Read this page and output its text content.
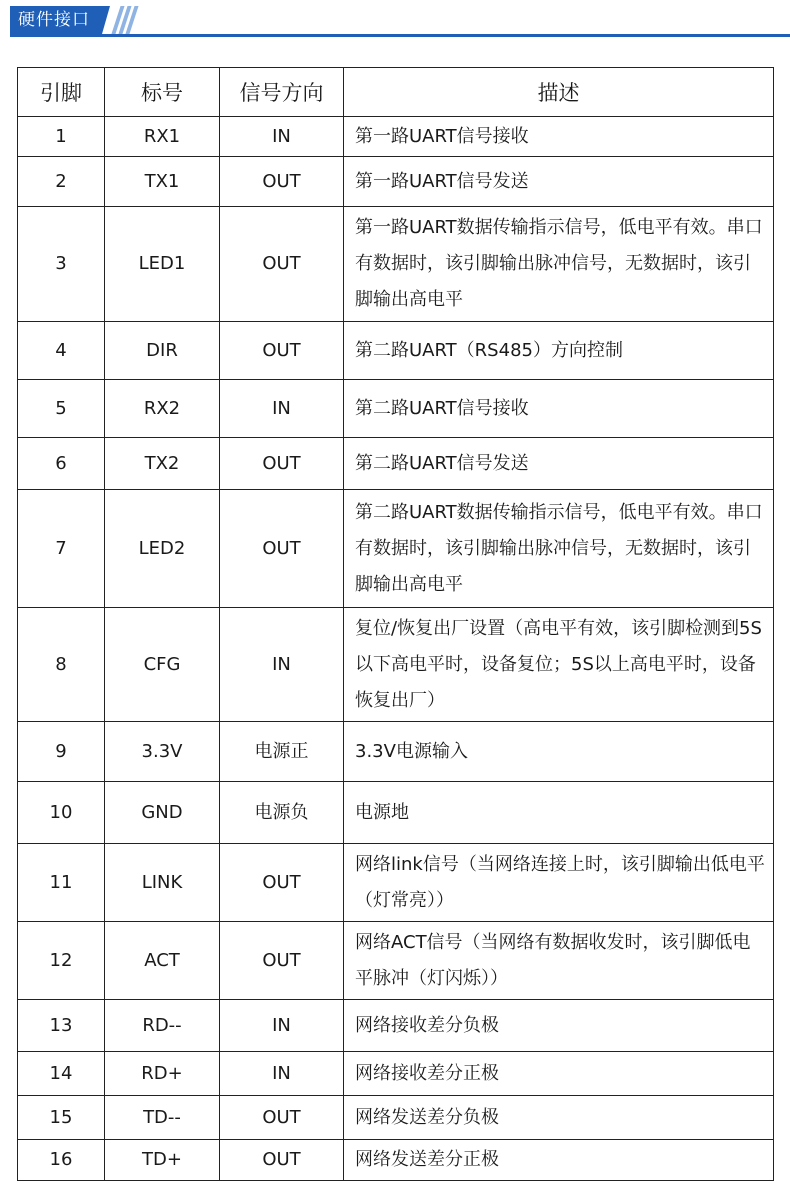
硬件接口
引脚	标号	信号方向	描述
1	RX1	IN	第一路UART信号接收
2	TX1	OUT	第一路UART信号发送
3	LED1	OUT	第一路UART数据传输指示信号，低电平有效。串口有数据时，该引脚输出脉冲信号，无数据时，该引脚输出高电平
4	DIR	OUT	第二路UART（RS485）方向控制
5	RX2	IN	第二路UART信号接收
6	TX2	OUT	第二路UART信号发送
7	LED2	OUT	第二路UART数据传输指示信号，低电平有效。串口有数据时，该引脚输出脉冲信号，无数据时，该引脚输出高电平
8	CFG	IN	复位/恢复出厂设置（高电平有效，该引脚检测到5S以下高电平时，设备复位；5S以上高电平时，设备恢复出厂）
9	3.3V	电源正	3.3V电源输入
10	GND	电源负	电源地
11	LINK	OUT	网络link信号（当网络连接上时，该引脚输出低电平（灯常亮））
12	ACT	OUT	网络ACT信号（当网络有数据收发时，该引脚低电平脉冲（灯闪烁））
13	RD--	IN	网络接收差分负极
14	RD+	IN	网络接收差分正极
15	TD--	OUT	网络发送差分负极
16	TD+	OUT	网络发送差分正极
